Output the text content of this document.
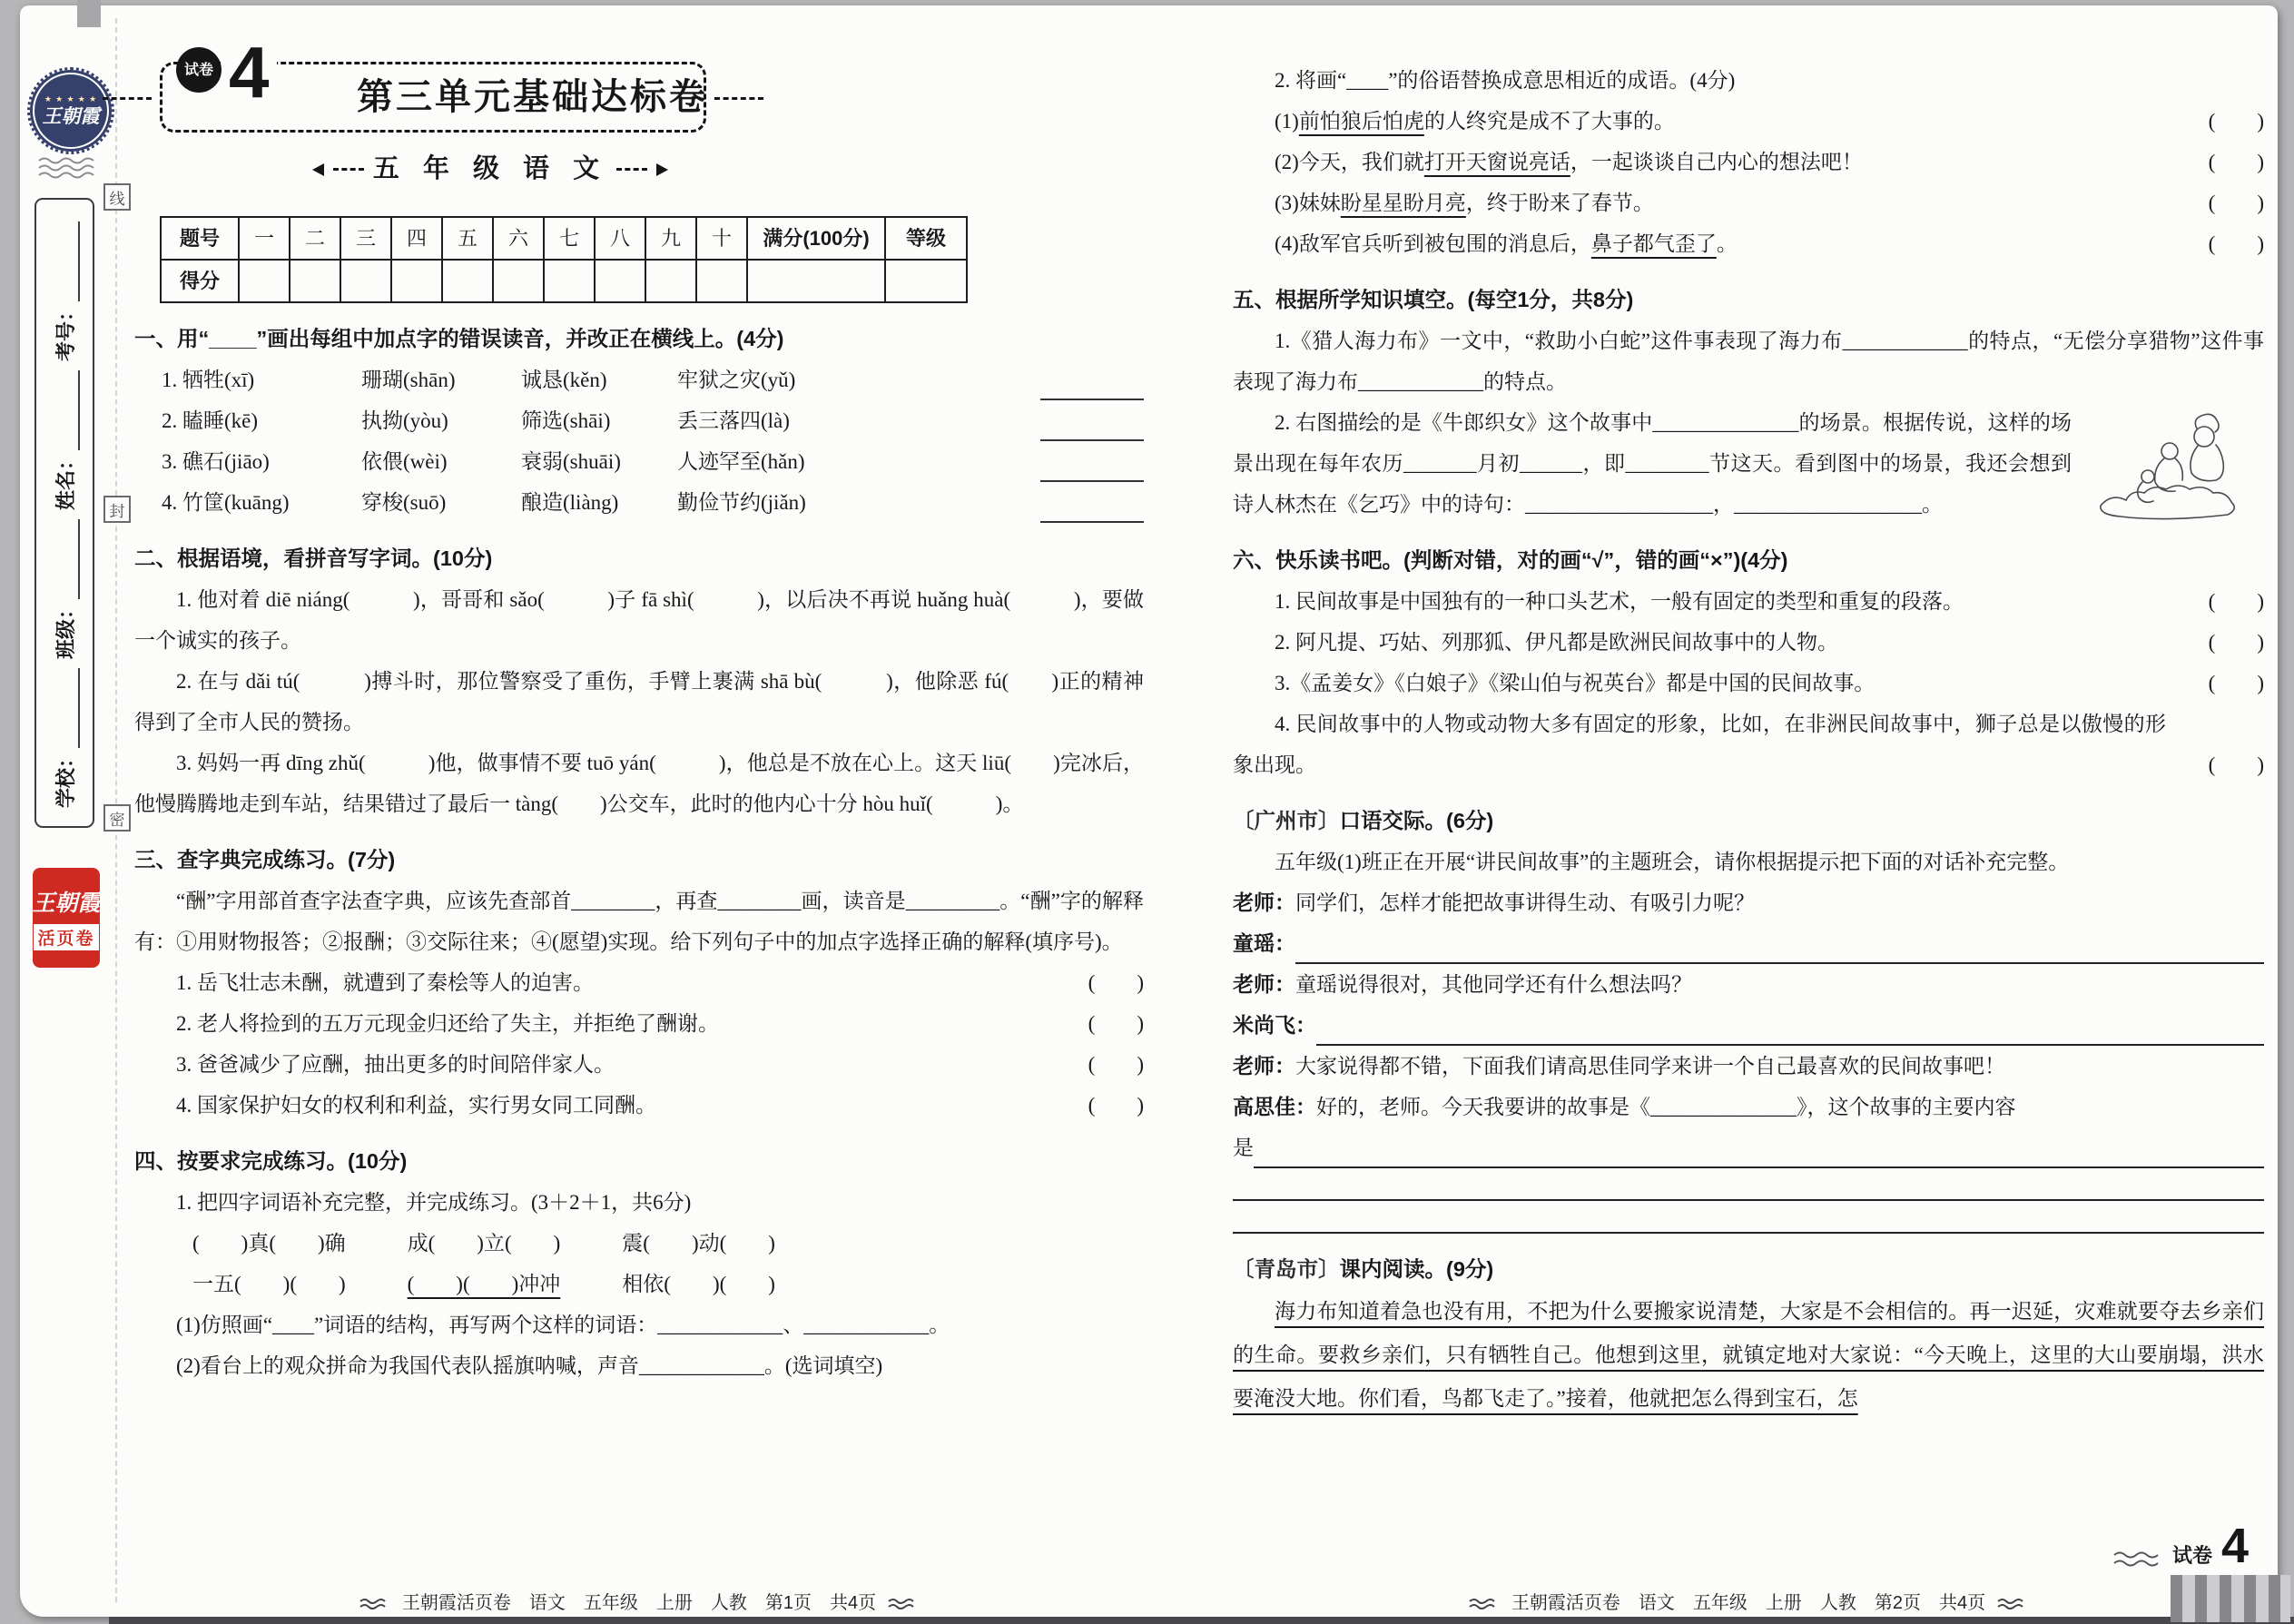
★ ★ ★ ★ ★
王朝霞
学校：
班级：
姓名：
考号：
线
封
密
王朝霞
活页卷
试卷 4 第三单元基础达标卷
五 年 级 语 文
题号	一	二	三	四	五	六	七	八	九	十	满分(100分)	等级
得分												
一、用“____”画出每组中加点字的错误读音，并改正在横线上。(4分)
1. 牺牲(xī)	珊瑚(shān)	诚恳(kěn)	牢狱之灾(yǔ)
2. 瞌睡(kē)	执拗(yòu)	筛选(shāi)	丢三落四(là)
3. 礁石(jiāo)	依偎(wèi)	衰弱(shuāi)	人迹罕至(hǎn)
4. 竹筐(kuāng)	穿梭(suō)	酿造(liàng)	勤俭节约(jiǎn)
二、根据语境，看拼音写字词。(10分)

1. 他对着 diē niáng(　　　)，哥哥和 sǎo(　　　)子 fā shì(　　　)，以后决不再说 huǎng huà(　　　)，要做一个诚实的孩子。

2. 在与 dǎi tú(　　　)搏斗时，那位警察受了重伤，手臂上裹满 shā bù(　　　)，他除恶 fú(　　)正的精神得到了全市人民的赞扬。

3. 妈妈一再 dīng zhǔ(　　　)他，做事情不要 tuō yán(　　　)，他总是不放在心上。这天 liū(　　)完冰后，他慢腾腾地走到车站，结果错过了最后一 tàng(　　)公交车，此时的他内心十分 hòu huǐ(　　　)。

三、查字典完成练习。(7分)

“酬”字用部首查字法查字典，应该先查部首________，再查________画，读音是_________。“酬”字的解释有：①用财物报答；②报酬；③交际往来；④(愿望)实现。给下列句子中的加点字选择正确的解释(填序号)。

1. 岳飞壮志未酬，就遭到了秦桧等人的迫害。	(　　)
2. 老人将捡到的五万元现金归还给了失主，并拒绝了酬谢。	(　　)
3. 爸爸减少了应酬，抽出更多的时间陪伴家人。	(　　)
4. 国家保护妇女的权利和利益，实行男女同工同酬。	(　　)
四、按要求完成练习。(10分)

1. 把四字词语补充完整，并完成练习。(3＋2＋1，共6分)

(　　)真(　　)确	成(　　)立(　　)	震(　　)动(　　)
一五(　　)(　　)	(　　)(　　)冲冲	相依(　　)(　　)

(1)仿照画“____”词语的结构，再写两个这样的词语：____________、____________。

(2)看台上的观众拼命为我国代表队摇旗呐喊，声音____________。(选词填空)

王朝霞活页卷　语文　五年级　上册　人教　第1页　共4页

2. 将画“____”的俗语替换成意思相近的成语。(4分)

(1)前怕狼后怕虎的人终究是成不了大事的。	(　　)
(2)今天，我们就打开天窗说亮话，一起谈谈自己内心的想法吧！	(　　)
(3)妹妹盼星星盼月亮，终于盼来了春节。	(　　)
(4)敌军官兵听到被包围的消息后，鼻子都气歪了。	(　　)
五、根据所学知识填空。(每空1分，共8分)

1.《猎人海力布》一文中，“救助小白蛇”这件事表现了海力布____________的特点，“无偿分享猎物”这件事表现了海力布____________的特点。

2. 右图描绘的是《牛郎织女》这个故事中______________的场景。根据传说，这样的场景出现在每年农历_______月初______，即________节这天。看到图中的场景，我还会想到诗人林杰在《乞巧》中的诗句：__________________，__________________。

六、快乐读书吧。(判断对错，对的画“√”，错的画“×”)(4分)
1. 民间故事是中国独有的一种口头艺术，一般有固定的类型和重复的段落。	(　　)
2. 阿凡提、巧姑、列那狐、伊凡都是欧洲民间故事中的人物。	(　　)
3.《孟姜女》《白娘子》《梁山伯与祝英台》都是中国的民间故事。	(　　)
4. 民间故事中的人物或动物大多有固定的形象，比如，在非洲民间故事中，狮子总是以傲慢的形象出现。	(　　)
〔广州市〕口语交际。(6分)

五年级(1)班正在开展“讲民间故事”的主题班会，请你根据提示把下面的对话补充完整。

老师： 同学们，怎样才能把故事讲得生动、有吸引力呢？
童瑶：
老师： 童瑶说得很对，其他同学还有什么想法吗？
米尚飞：
老师： 大家说得都不错，下面我们请高思佳同学来讲一个自己最喜欢的民间故事吧！
高思佳： 好的，老师。今天我要讲的故事是《______________》，这个故事的主要内容
是
〔青岛市〕课内阅读。(9分)

海力布知道着急也没有用，不把为什么要搬家说清楚，大家是不会相信的。再一迟延，灾难就要夺去乡亲们的生命。要救乡亲们，只有牺牲自己。他想到这里，就镇定地对大家说：“今天晚上，这里的大山要崩塌，洪水要淹没大地。你们看，鸟都飞走了。”接着，他就把怎么得到宝石，怎

王朝霞活页卷　语文　五年级　上册　人教　第2页　共4页
试卷 4
